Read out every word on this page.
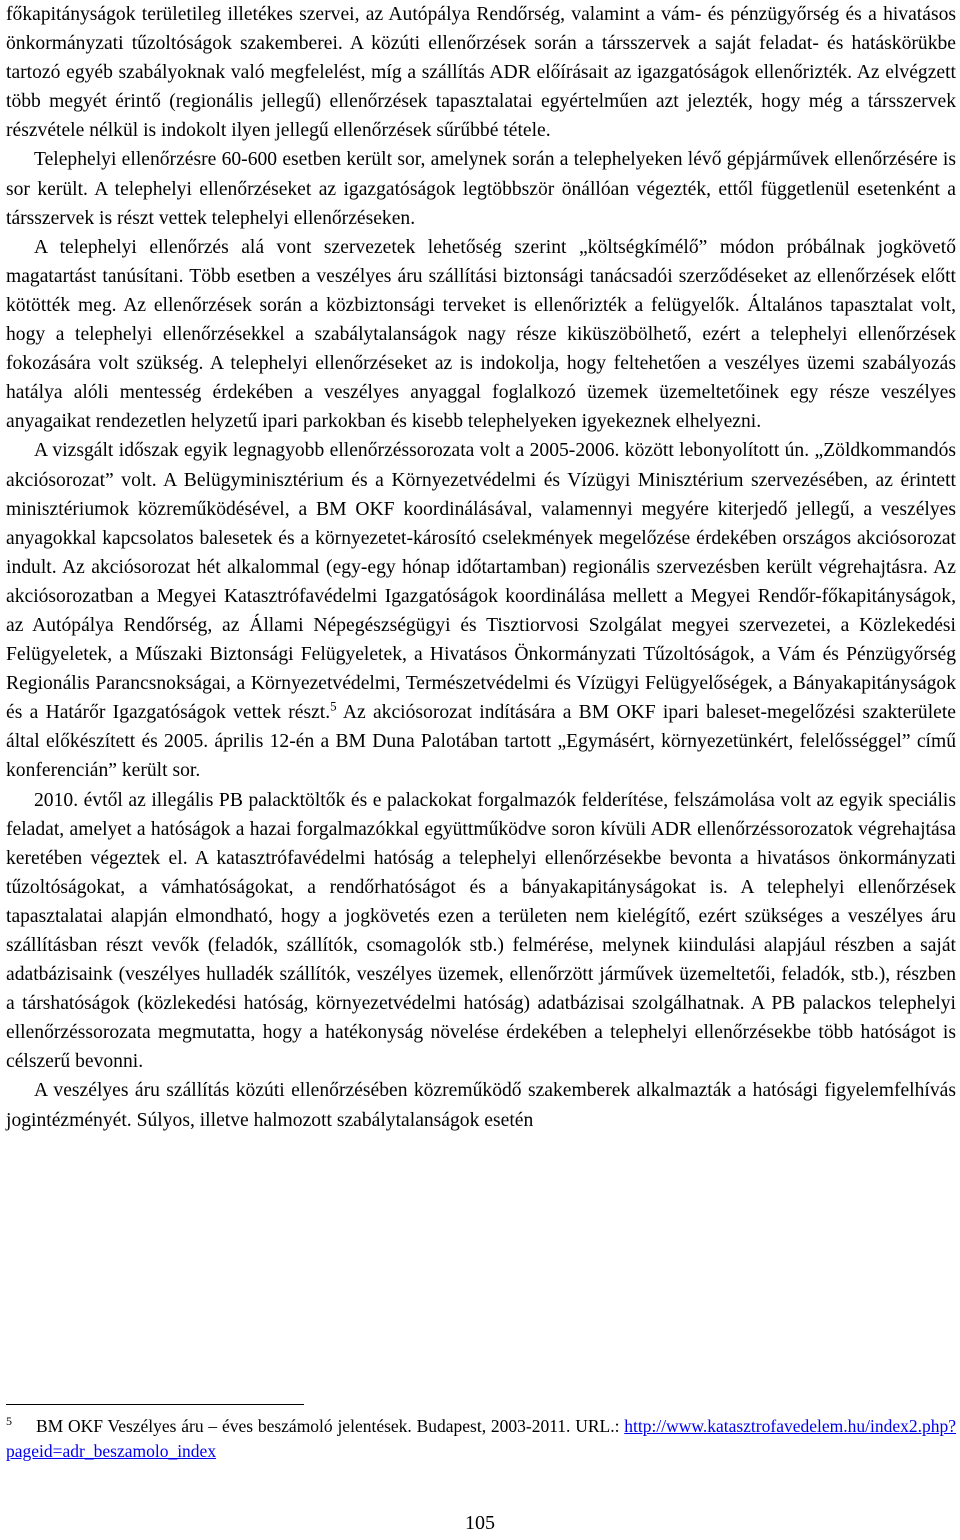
főkapitányságok területileg illetékes szervei, az Autópálya Rendőrség, valamint a vám- és pénzügyőrség és a hivatásos önkormányzati tűzoltóságok szakemberei. A közúti ellenőrzések során a társszervek a saját feladat- és hatáskörükbe tartozó egyéb szabályoknak való megfelelést, míg a szállítás ADR előírásait az igazgatóságok ellenőrizték. Az elvégzett több megyét érintő (regionális jellegű) ellenőrzések tapasztalatai egyértelműen azt jelezték, hogy még a társszervek részvétele nélkül is indokolt ilyen jellegű ellenőrzések sűrűbbé tétele.

Telephelyi ellenőrzésre 60-600 esetben került sor, amelynek során a telephelyeken lévő gépjárművek ellenőrzésére is sor került. A telephelyi ellenőrzéseket az igazgatóságok legtöbbször önállóan végezték, ettől függetlenül esetenként a társszervek is részt vettek telephelyi ellenőrzéseken.

A telephelyi ellenőrzés alá vont szervezetek lehetőség szerint „költségkímélő” módon próbálnak jogkövető magatartást tanúsítani. Több esetben a veszélyes áru szállítási biztonsági tanácsadói szerződéseket az ellenőrzések előtt kötötték meg. Az ellenőrzések során a közbiztonsági terveket is ellenőrizték a felügyelők. Általános tapasztalat volt, hogy a telephelyi ellenőrzésekkel a szabálytalanságok nagy része kiküszöbölhető, ezért a telephelyi ellenőrzések fokozására volt szükség. A telephelyi ellenőrzéseket az is indokolja, hogy feltehetően a veszélyes üzemi szabályozás hatálya alóli mentesség érdekében a veszélyes anyaggal foglalkozó üzemek üzemeltetőinek egy része veszélyes anyagaikat rendezetlen helyzetű ipari parkokban és kisebb telephelyeken igyekeznek elhelyezni.

A vizsgált időszak egyik legnagyobb ellenőrzéssorozata volt a 2005-2006. között lebonyolított ún. „Zöldkommandós akciósorozat” volt. A Belügyminisztérium és a Környezetvédelmi és Vízügyi Minisztérium szervezésében, az érintett minisztériumok közreműködésével, a BM OKF koordinálásával, valamennyi megyére kiterjedő jellegű, a veszélyes anyagokkal kapcsolatos balesetek és a környezetet-károsító cselekmények megelőzése érdekében országos akciósorozat indult. Az akciósorozat hét alkalommal (egy-egy hónap időtartamban) regionális szervezésben került végrehajtásra. Az akciósorozatban a Megyei Katasztrófavédelmi Igazgatóságok koordinálása mellett a Megyei Rendőr-főkapitányságok, az Autópálya Rendőrség, az Állami Népegészségügyi és Tisztiorvosi Szolgálat megyei szervezetei, a Közlekedési Felügyeletek, a Műszaki Biztonsági Felügyeletek, a Hivatásos Önkormányzati Tűzoltóságok, a Vám és Pénzügyőrség Regionális Parancsnokságai, a Környezetvédelmi, Természetvédelmi és Vízügyi Felügyelőségek, a Bányakapitányságok és a Határőr Igazgatóságok vettek részt.$^5$ Az akciósorozat indítására a BM OKF ipari baleset-megelőzési szakterülete által előkészített és 2005. április 12-én a BM Duna Palotában tartott „Egymásért, környezetünkért, felelősséggel” című konferencián” került sor.

2010. évtől az illegális PB palacktöltők és e palackokat forgalmazók felderítése, felszámolása volt az egyik speciális feladat, amelyet a hatóságok a hazai forgalmazókkal együttműködve soron kívüli ADR ellenőrzéssorozatok végrehajtása keretében végeztek el. A katasztrófavédelmi hatóság a telephelyi ellenőrzésekbe bevonta a hivatásos önkormányzati tűzoltóságokat, a vámhatóságokat, a rendőrhatóságot és a bányakapitányságokat is. A telephelyi ellenőrzések tapasztalatai alapján elmondható, hogy a jogkövetés ezen a területen nem kielégítő, ezért szükséges a veszélyes áru szállításban részt vevők (feladók, szállítók, csomagolók stb.) felmérése, melynek kiindulási alapjául részben a saját adatbázisaink (veszélyes hulladék szállítók, veszélyes üzemek, ellenőrzött járművek üzemeltetői, feladók, stb.), részben a társhatóságok (közlekedési hatóság, környezetvédelmi hatóság) adatbázisai szolgálhatnak. A PB palackos telephelyi ellenőrzéssorozata megmutatta, hogy a hatékonyság növelése érdekében a telephelyi ellenőrzésekbe több hatóságot is célszerű bevonni.

A veszélyes áru szállítás közúti ellenőrzésében közreműködő szakemberek alkalmazták a hatósági figyelemfelhívás jogintézményét. Súlyos, illetve halmozott szabálytalanságok esetén

$^5$ BM OKF Veszélyes áru – éves beszámoló jelentések. Budapest, 2003-2011. URL.: http://www.katasztrofavedelem.hu/index2.php?pageid=adr_beszamolo_index
105
